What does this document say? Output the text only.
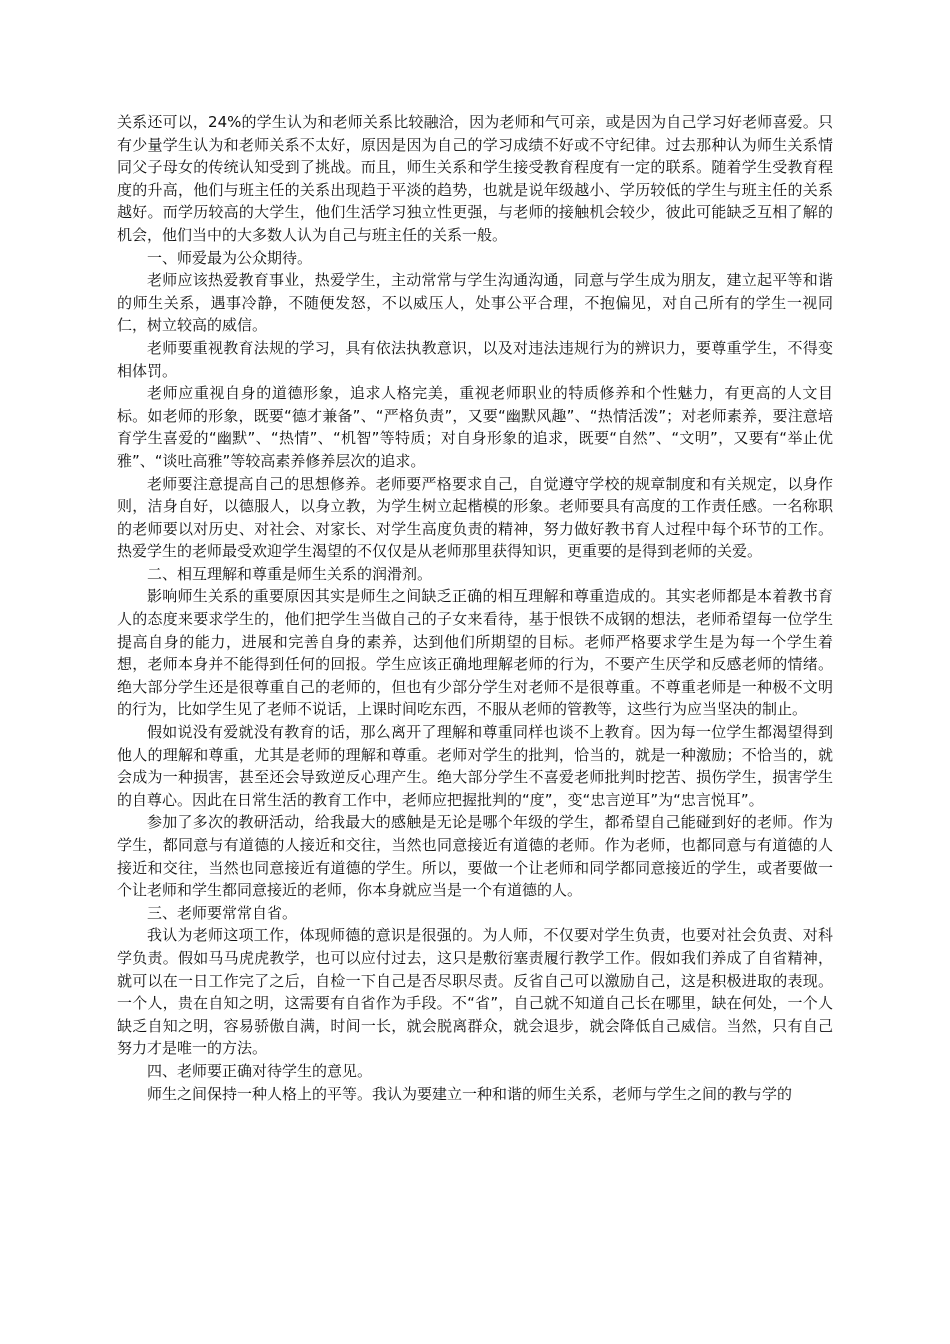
关系还可以，24%的学生认为和老师关系比较融洽，因为老师和气可亲，或是因为自己学习好老师喜爱。只有少量学生认为和老师关系不太好，原因是因为自己的学习成绩不好或不守纪律。过去那种认为师生关系情同父子母女的传统认知受到了挑战。而且，师生关系和学生接受教育程度有一定的联系。随着学生受教育程度的升高，他们与班主任的关系出现趋于平淡的趋势，也就是说年级越小、学历较低的学生与班主任的关系越好。而学历较高的大学生，他们生活学习独立性更强，与老师的接触机会较少，彼此可能缺乏互相了解的机会，他们当中的大多数人认为自己与班主任的关系一般。

一、师爱最为公众期待。

老师应该热爱教育事业，热爱学生，主动常常与学生沟通沟通，同意与学生成为朋友，建立起平等和谐的师生关系，遇事冷静，不随便发怒，不以威压人，处事公平合理，不抱偏见，对自己所有的学生一视同仁，树立较高的威信。

老师要重视教育法规的学习，具有依法执教意识，以及对违法违规行为的辨识力，要尊重学生，不得变相体罚。

老师应重视自身的道德形象，追求人格完美，重视老师职业的特质修养和个性魅力，有更高的人文目标。如老师的形象，既要“德才兼备”、“严格负责”，又要“幽默风趣”、“热情活泼”；对老师素养，要注意培育学生喜爱的“幽默”、“热情”、“机智”等特质；对自身形象的追求，既要“自然”、“文明”，又要有“举止优雅”、“谈吐高雅”等较高素养修养层次的追求。

老师要注意提高自己的思想修养。老师要严格要求自己，自觉遵守学校的规章制度和有关规定，以身作则，洁身自好，以德服人，以身立教，为学生树立起楷模的形象。老师要具有高度的工作责任感。一名称职的老师要以对历史、对社会、对家长、对学生高度负责的精神，努力做好教书育人过程中每个环节的工作。热爱学生的老师最受欢迎学生渴望的不仅仅是从老师那里获得知识，更重要的是得到老师的关爱。

二、相互理解和尊重是师生关系的润滑剂。

影响师生关系的重要原因其实是师生之间缺乏正确的相互理解和尊重造成的。其实老师都是本着教书育人的态度来要求学生的，他们把学生当做自己的子女来看待，基于恨铁不成钢的想法，老师希望每一位学生提高自身的能力，进展和完善自身的素养，达到他们所期望的目标。老师严格要求学生是为每一个学生着想，老师本身并不能得到任何的回报。学生应该正确地理解老师的行为，不要产生厌学和反感老师的情绪。绝大部分学生还是很尊重自己的老师的，但也有少部分学生对老师不是很尊重。不尊重老师是一种极不文明的行为，比如学生见了老师不说话，上课时间吃东西，不服从老师的管教等，这些行为应当坚决的制止。

假如说没有爱就没有教育的话，那么离开了理解和尊重同样也谈不上教育。因为每一位学生都渴望得到他人的理解和尊重，尤其是老师的理解和尊重。老师对学生的批判，恰当的，就是一种激励；不恰当的，就会成为一种损害，甚至还会导致逆反心理产生。绝大部分学生不喜爱老师批判时挖苦、损伤学生，损害学生的自尊心。因此在日常生活的教育工作中，老师应把握批判的“度”，变“忠言逆耳”为“忠言悦耳”。

参加了多次的教研活动，给我最大的感触是无论是哪个年级的学生，都希望自己能碰到好的老师。作为学生，都同意与有道德的人接近和交往，当然也同意接近有道德的老师。作为老师，也都同意与有道德的人接近和交往，当然也同意接近有道德的学生。所以，要做一个让老师和同学都同意接近的学生，或者要做一个让老师和学生都同意接近的老师，你本身就应当是一个有道德的人。

三、老师要常常自省。

我认为老师这项工作，体现师德的意识是很强的。为人师，不仅要对学生负责，也要对社会负责、对科学负责。假如马马虎虎教学，也可以应付过去，这只是敷衍塞责履行教学工作。假如我们养成了自省精神，就可以在一日工作完了之后，自检一下自己是否尽职尽责。反省自己可以激励自己，这是积极进取的表现。一个人，贵在自知之明，这需要有自省作为手段。不“省”，自己就不知道自己长在哪里，缺在何处，一个人缺乏自知之明，容易骄傲自满，时间一长，就会脱离群众，就会退步，就会降低自己威信。当然，只有自己努力才是唯一的方法。

四、老师要正确对待学生的意见。

师生之间保持一种人格上的平等。我认为要建立一种和谐的师生关系，老师与学生之间的教与学的
